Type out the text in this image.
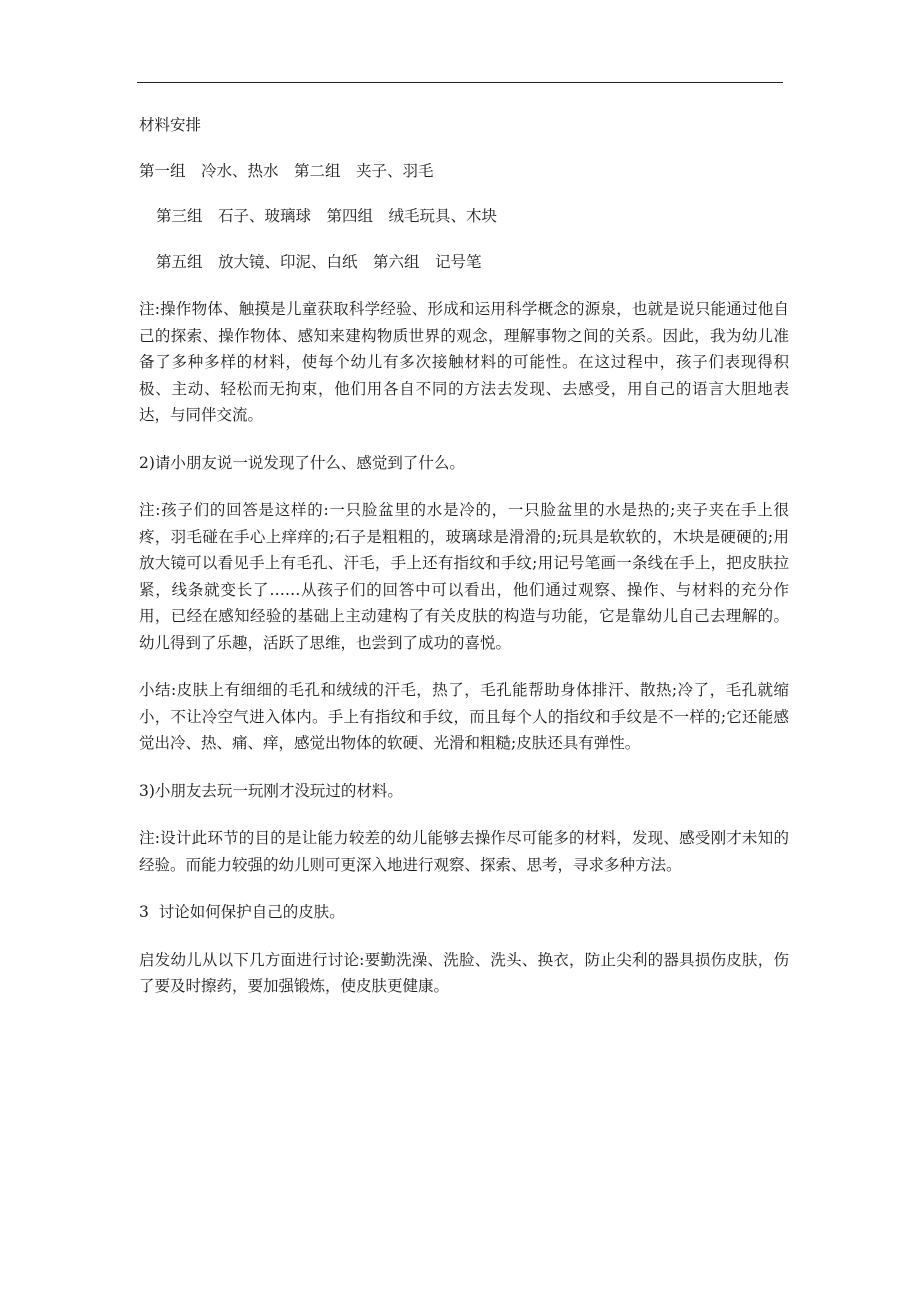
材料安排

第一组　冷水、热水　第二组　夹子、羽毛

第三组　石子、玻璃球　第四组　绒毛玩具、木块

第五组　放大镜、印泥、白纸　第六组　记号笔

注:操作物体、触摸是儿童获取科学经验、形成和运用科学概念的源泉，也就是说只能通过他自己的探索、操作物体、感知来建构物质世界的观念，理解事物之间的关系。因此，我为幼儿准备了多种多样的材料，使每个幼儿有多次接触材料的可能性。在这过程中，孩子们表现得积极、主动、轻松而无拘束，他们用各自不同的方法去发现、去感受，用自己的语言大胆地表达，与同伴交流。

2)请小朋友说一说发现了什么、感觉到了什么。

注:孩子们的回答是这样的:一只脸盆里的水是冷的，一只脸盆里的水是热的;夹子夹在手上很疼，羽毛碰在手心上痒痒的;石子是粗粗的，玻璃球是滑滑的;玩具是软软的，木块是硬硬的;用放大镜可以看见手上有毛孔、汗毛，手上还有指纹和手纹;用记号笔画一条线在手上，把皮肤拉紧，线条就变长了……从孩子们的回答中可以看出，他们通过观察、操作、与材料的充分作用，已经在感知经验的基础上主动建构了有关皮肤的构造与功能，它是靠幼儿自己去理解的。幼儿得到了乐趣，活跃了思维，也尝到了成功的喜悦。

小结:皮肤上有细细的毛孔和绒绒的汗毛，热了，毛孔能帮助身体排汗、散热;冷了，毛孔就缩小，不让冷空气进入体内。手上有指纹和手纹，而且每个人的指纹和手纹是不一样的;它还能感觉出冷、热、痛、痒，感觉出物体的软硬、光滑和粗糙;皮肤还具有弹性。

3)小朋友去玩一玩刚才没玩过的材料。

注:设计此环节的目的是让能力较差的幼儿能够去操作尽可能多的材料，发现、感受刚才未知的经验。而能力较强的幼儿则可更深入地进行观察、探索、思考，寻求多种方法。

3  讨论如何保护自己的皮肤。

启发幼儿从以下几方面进行讨论:要勤洗澡、洗脸、洗头、换衣，防止尖利的器具损伤皮肤，伤了要及时擦药，要加强锻炼，使皮肤更健康。
